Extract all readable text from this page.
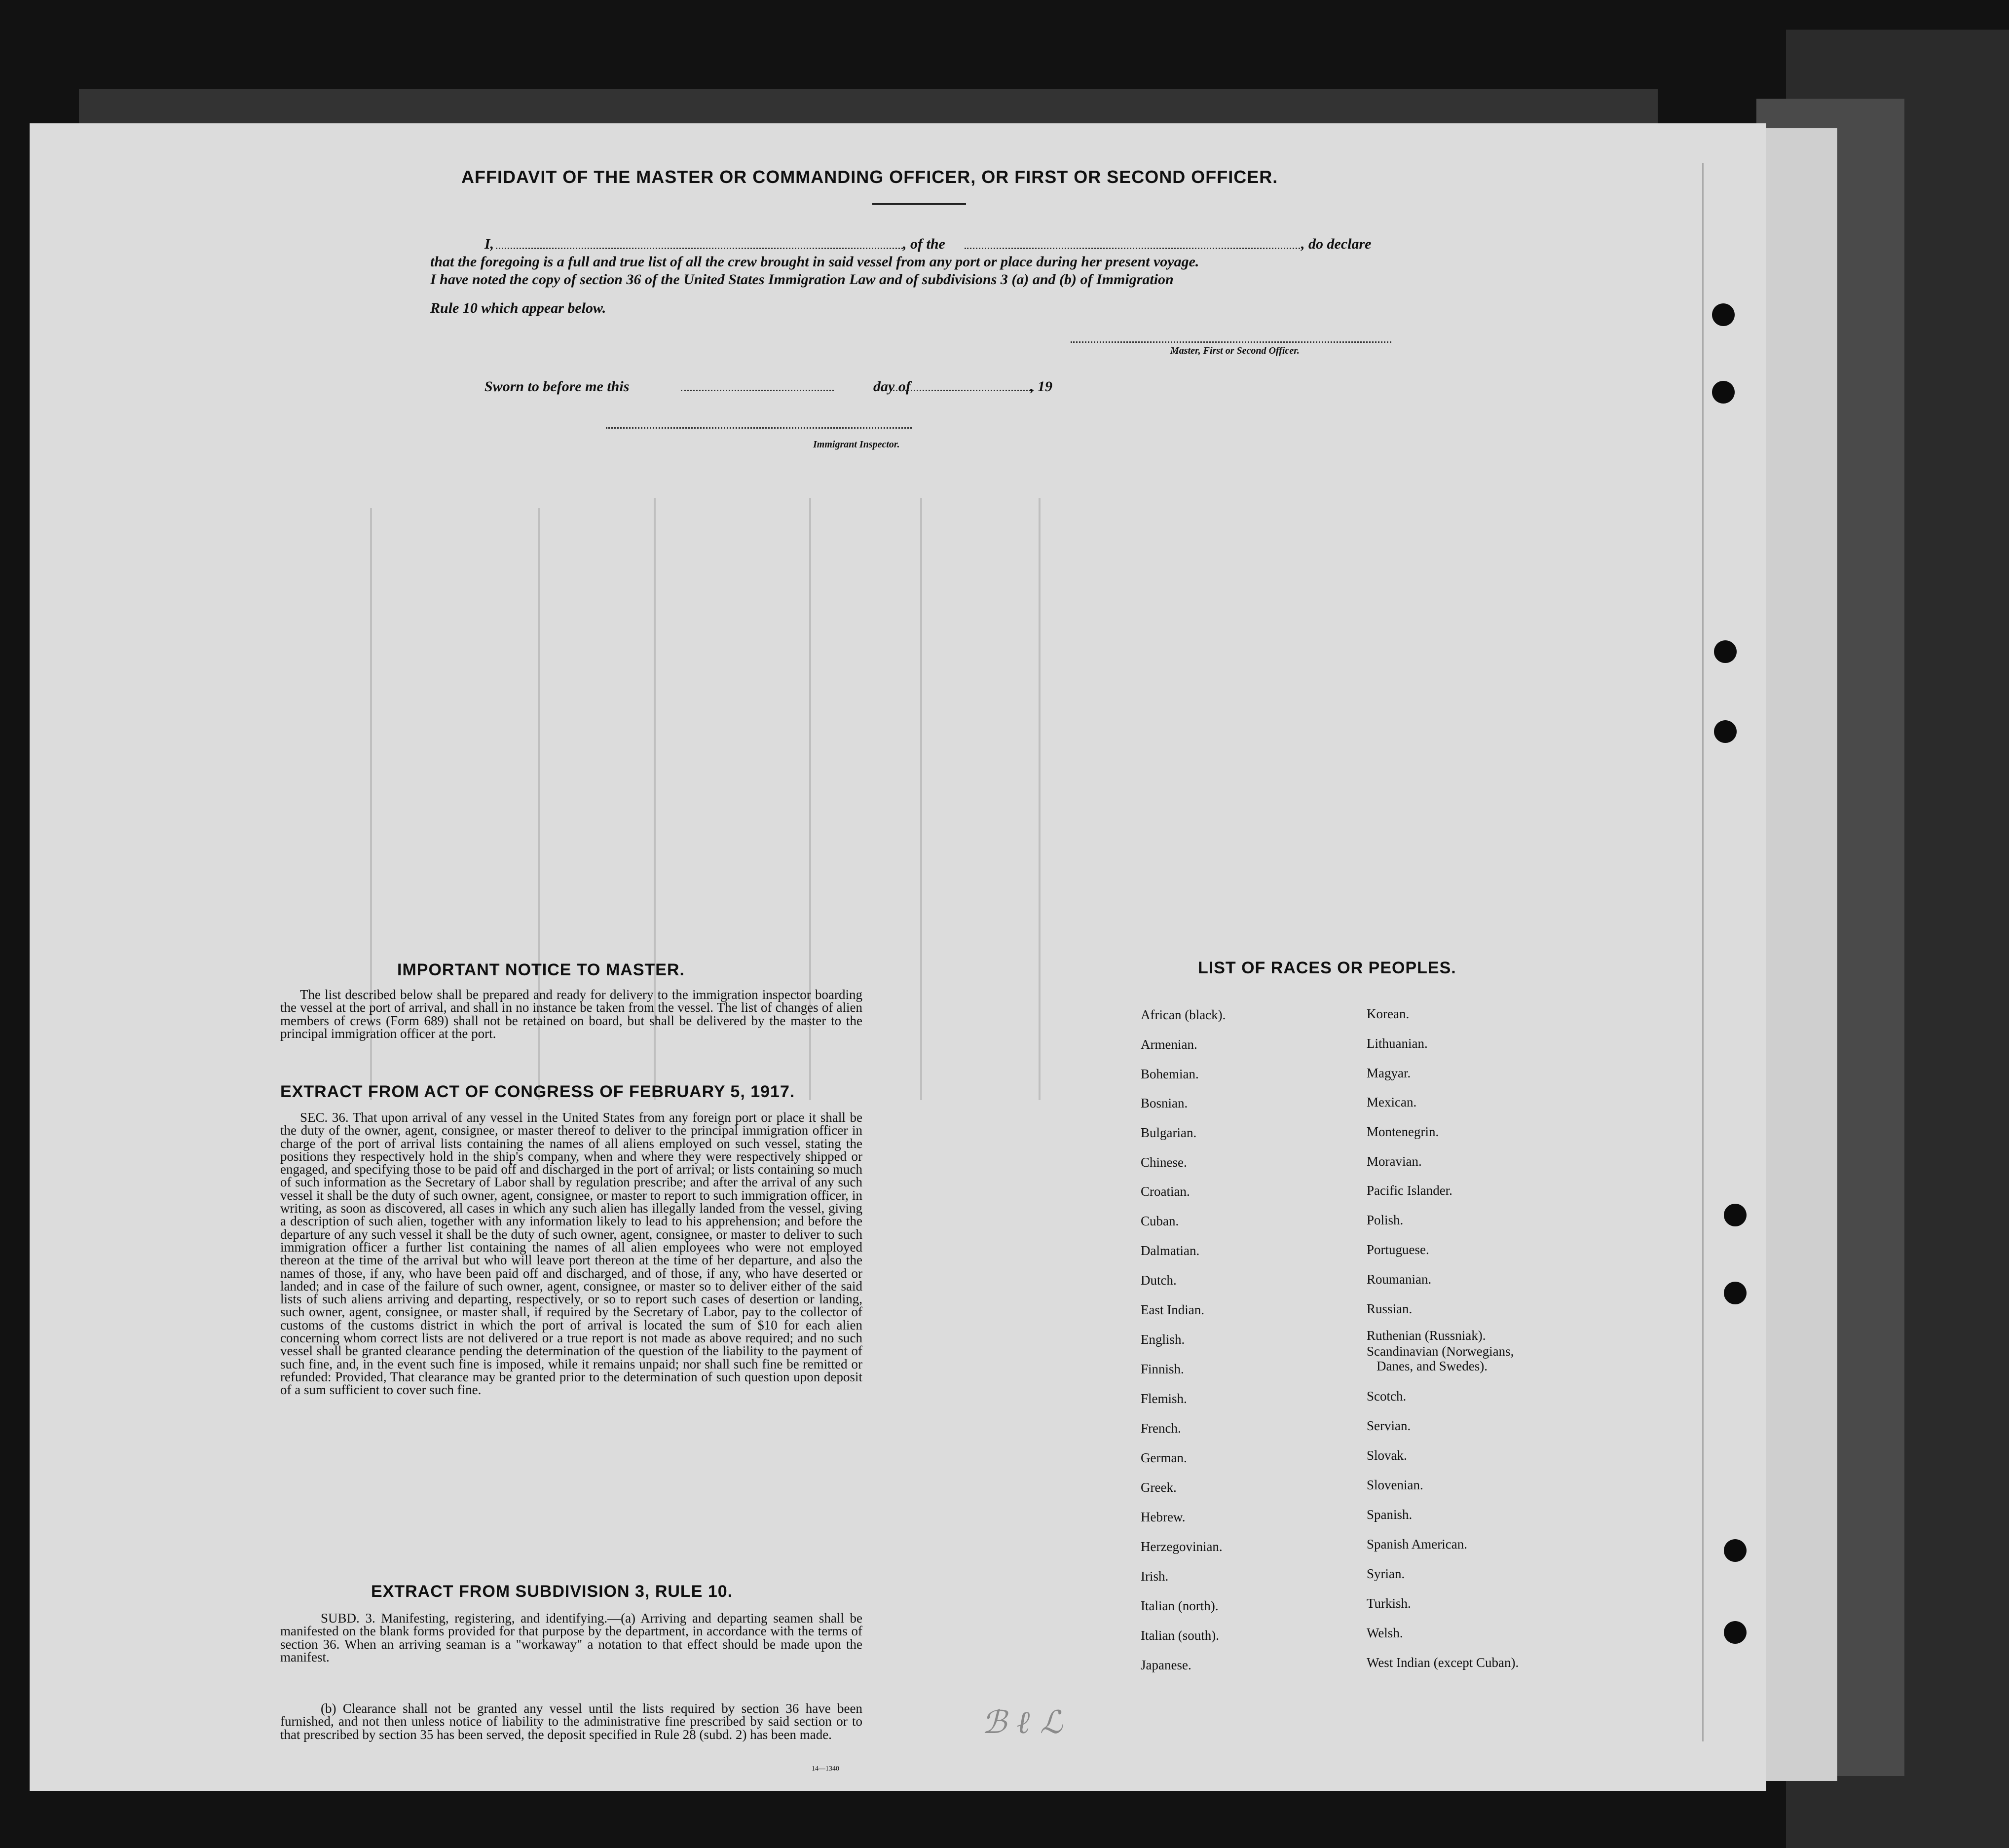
AFFIDAVIT OF THE MASTER OR COMMANDING OFFICER, OR FIRST OR SECOND OFFICER.
I,	, of the	, do declare
that the foregoing is a full and true list of all the crew brought in said vessel from any port or place during her present voyage.
I have noted the copy of section 36 of the United States Immigration Law and of subdivisions 3 (a) and (b) of Immigration
Rule 10 which appear below.
Master, First or Second Officer.
Sworn to before me this	day of	, 19
Immigrant Inspector.
IMPORTANT NOTICE TO MASTER.
The list described below shall be prepared and ready for delivery to the immigration inspector boarding the vessel at the port of arrival, and shall in no instance be taken from the vessel. The list of changes of alien members of crews (Form 689) shall not be retained on board, but shall be delivered by the master to the principal immigration officer at the port.
EXTRACT FROM ACT OF CONGRESS OF FEBRUARY 5, 1917.
SEC. 36. That upon arrival of any vessel in the United States from any foreign port or place it shall be the duty of the owner, agent, consignee, or master thereof to deliver to the principal immigration officer in charge of the port of arrival lists containing the names of all aliens employed on such vessel, stating the positions they respectively hold in the ship's company, when and where they were respectively shipped or engaged, and specifying those to be paid off and discharged in the port of arrival; or lists containing so much of such information as the Secretary of Labor shall by regulation prescribe; and after the arrival of any such vessel it shall be the duty of such owner, agent, consignee, or master to report to such immigration officer, in writing, as soon as discovered, all cases in which any such alien has illegally landed from the vessel, giving a description of such alien, together with any information likely to lead to his apprehension; and before the departure of any such vessel it shall be the duty of such owner, agent, consignee, or master to deliver to such immigration officer a further list containing the names of all alien employees who were not employed thereon at the time of the arrival but who will leave port thereon at the time of her departure, and also the names of those, if any, who have been paid off and discharged, and of those, if any, who have deserted or landed; and in case of the failure of such owner, agent, consignee, or master so to deliver either of the said lists of such aliens arriving and departing, respectively, or so to report such cases of desertion or landing, such owner, agent, consignee, or master shall, if required by the Secretary of Labor, pay to the collector of customs of the customs district in which the port of arrival is located the sum of $10 for each alien concerning whom correct lists are not delivered or a true report is not made as above required; and no such vessel shall be granted clearance pending the determination of the question of the liability to the payment of such fine, and, in the event such fine is imposed, while it remains unpaid; nor shall such fine be remitted or refunded: Provided, That clearance may be granted prior to the determination of such question upon deposit of a sum sufficient to cover such fine.
EXTRACT FROM SUBDIVISION 3, RULE 10.
SUBD. 3. Manifesting, registering, and identifying.—(a) Arriving and departing seamen shall be manifested on the blank forms provided for that purpose by the department, in accordance with the terms of section 36. When an arriving seaman is a "workaway" a notation to that effect should be made upon the manifest.
(b) Clearance shall not be granted any vessel until the lists required by section 36 have been furnished, and not then unless notice of liability to the administrative fine prescribed by said section or to that prescribed by section 35 has been served, the deposit specified in Rule 28 (subd. 2) has been made.
14—1340
ℬ ℓ ℒ
LIST OF RACES OR PEOPLES.
African (black).
Armenian.
Bohemian.
Bosnian.
Bulgarian.
Chinese.
Croatian.
Cuban.
Dalmatian.
Dutch.
East Indian.
English.
Finnish.
Flemish.
French.
German.
Greek.
Hebrew.
Herzegovinian.
Irish.
Italian (north).
Italian (south).
Japanese.
Korean.
Lithuanian.
Magyar.
Mexican.
Montenegrin.
Moravian.
Pacific Islander.
Polish.
Portuguese.
Roumanian.
Russian.
Ruthenian (Russniak).
Scandinavian (Norwegians,
Danes, and Swedes).
Scotch.
Servian.
Slovak.
Slovenian.
Spanish.
Spanish American.
Syrian.
Turkish.
Welsh.
West Indian (except Cuban).
